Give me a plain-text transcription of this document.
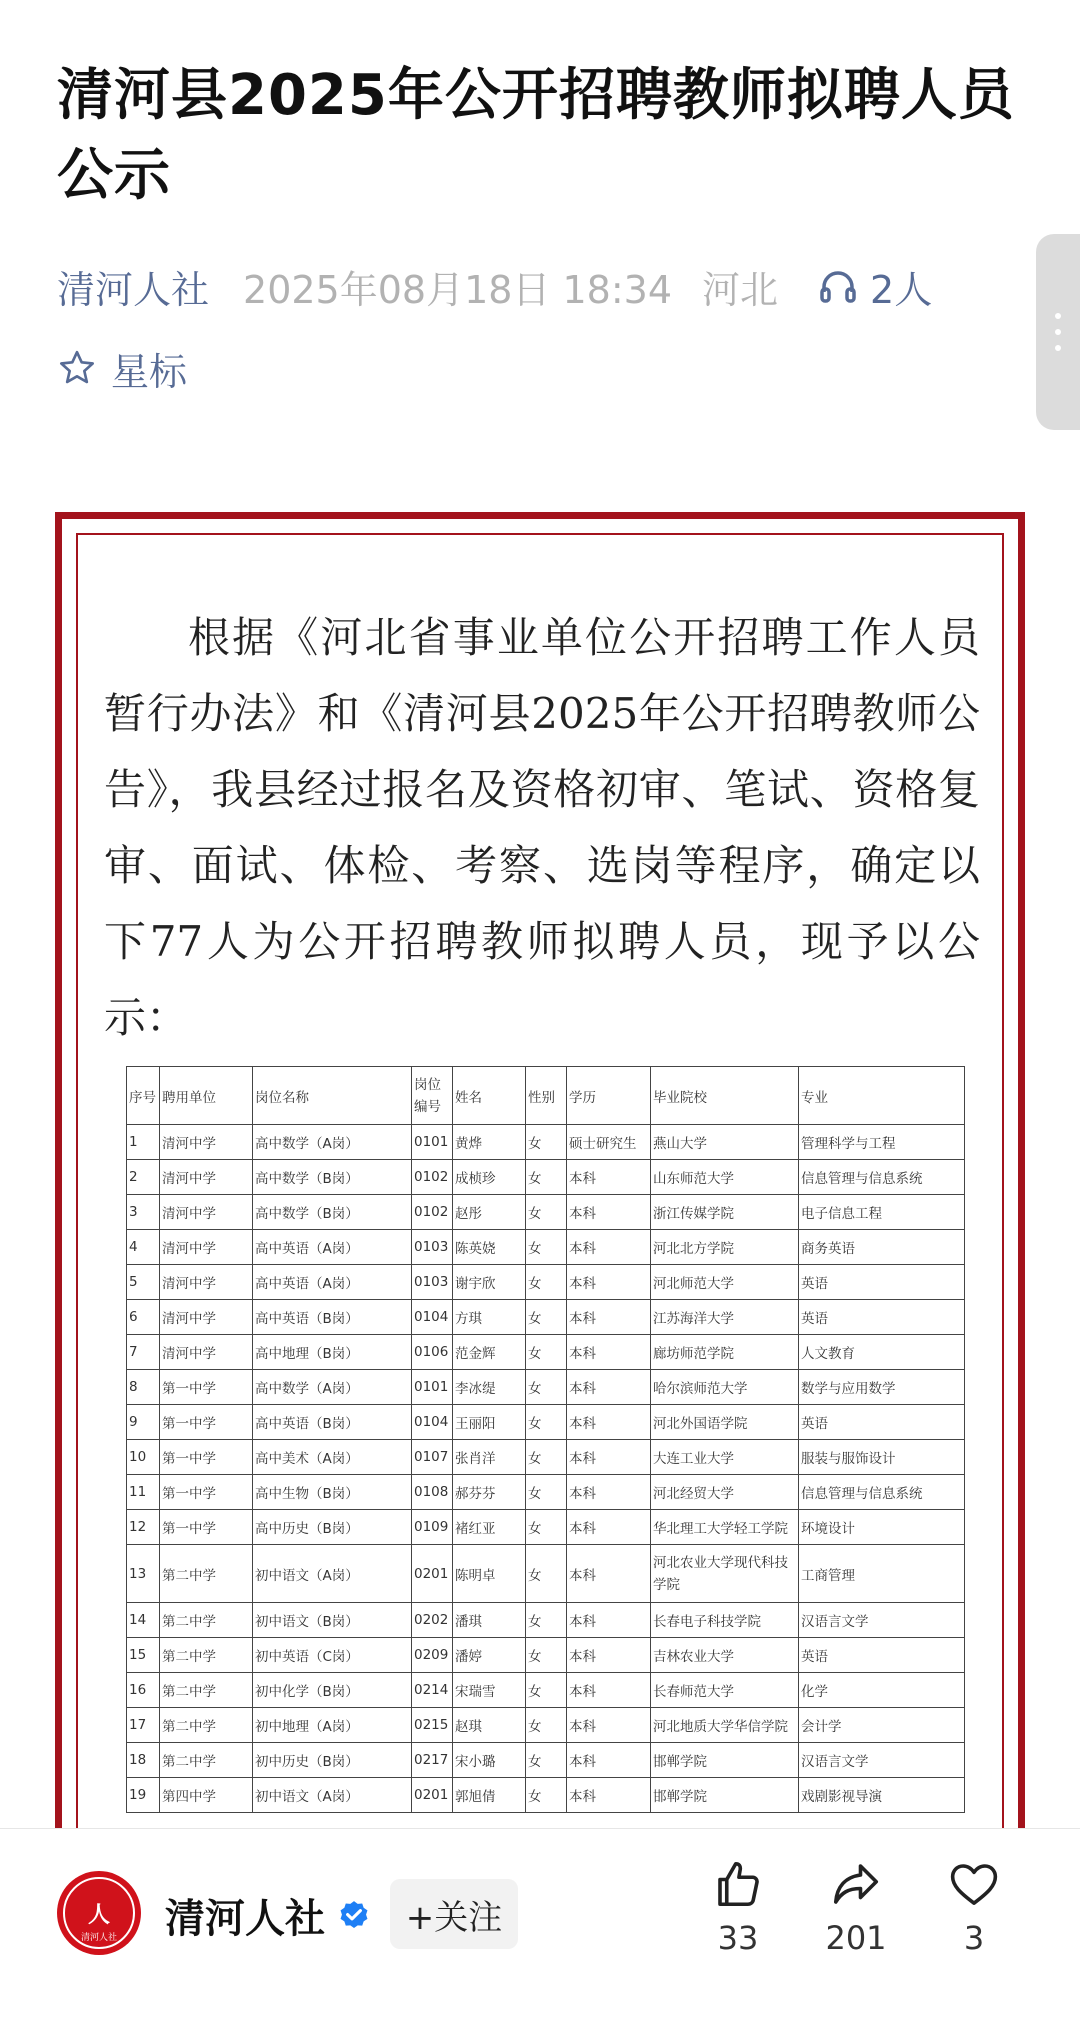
清河县2025年公开招聘教师拟聘人员公示
清河人社 2025年08月18日 18:34 河北 2人
星标
根据《河北省事业单位公开招聘工作人员暂行办法》和《清河县2025年公开招聘教师公告》，我县经过报名及资格初审、笔试、资格复审、面试、体检、考察、选岗等程序，确定以下77人为公开招聘教师拟聘人员，现予以公示：
序号	聘用单位	岗位名称	岗位编号	姓名	性别	学历	毕业院校	专业
1	清河中学	高中数学（A岗）	0101	黄烨	女	硕士研究生	燕山大学	管理科学与工程
2	清河中学	高中数学（B岗）	0102	成桢珍	女	本科	山东师范大学	信息管理与信息系统
3	清河中学	高中数学（B岗）	0102	赵彤	女	本科	浙江传媒学院	电子信息工程
4	清河中学	高中英语（A岗）	0103	陈英娆	女	本科	河北北方学院	商务英语
5	清河中学	高中英语（A岗）	0103	谢宇欣	女	本科	河北师范大学	英语
6	清河中学	高中英语（B岗）	0104	方琪	女	本科	江苏海洋大学	英语
7	清河中学	高中地理（B岗）	0106	范金辉	女	本科	廊坊师范学院	人文教育
8	第一中学	高中数学（A岗）	0101	李冰缇	女	本科	哈尔滨师范大学	数学与应用数学
9	第一中学	高中英语（B岗）	0104	王丽阳	女	本科	河北外国语学院	英语
10	第一中学	高中美术（A岗）	0107	张肖洋	女	本科	大连工业大学	服装与服饰设计
11	第一中学	高中生物（B岗）	0108	郝芬芬	女	本科	河北经贸大学	信息管理与信息系统
12	第一中学	高中历史（B岗）	0109	褚红亚	女	本科	华北理工大学轻工学院	环境设计
13	第二中学	初中语文（A岗）	0201	陈明卓	女	本科	河北农业大学现代科技学院	工商管理
14	第二中学	初中语文（B岗）	0202	潘琪	女	本科	长春电子科技学院	汉语言文学
15	第二中学	初中英语（C岗）	0209	潘婷	女	本科	吉林农业大学	英语
16	第二中学	初中化学（B岗）	0214	宋瑞雪	女	本科	长春师范大学	化学
17	第二中学	初中地理（A岗）	0215	赵琪	女	本科	河北地质大学华信学院	会计学
18	第二中学	初中历史（B岗）	0217	宋小璐	女	本科	邯郸学院	汉语言文学
19	第四中学	初中语文（A岗）	0201	郭旭倩	女	本科	邯郸学院	戏剧影视导演
人
清河人社	清河人社	+关注
33 201 3
